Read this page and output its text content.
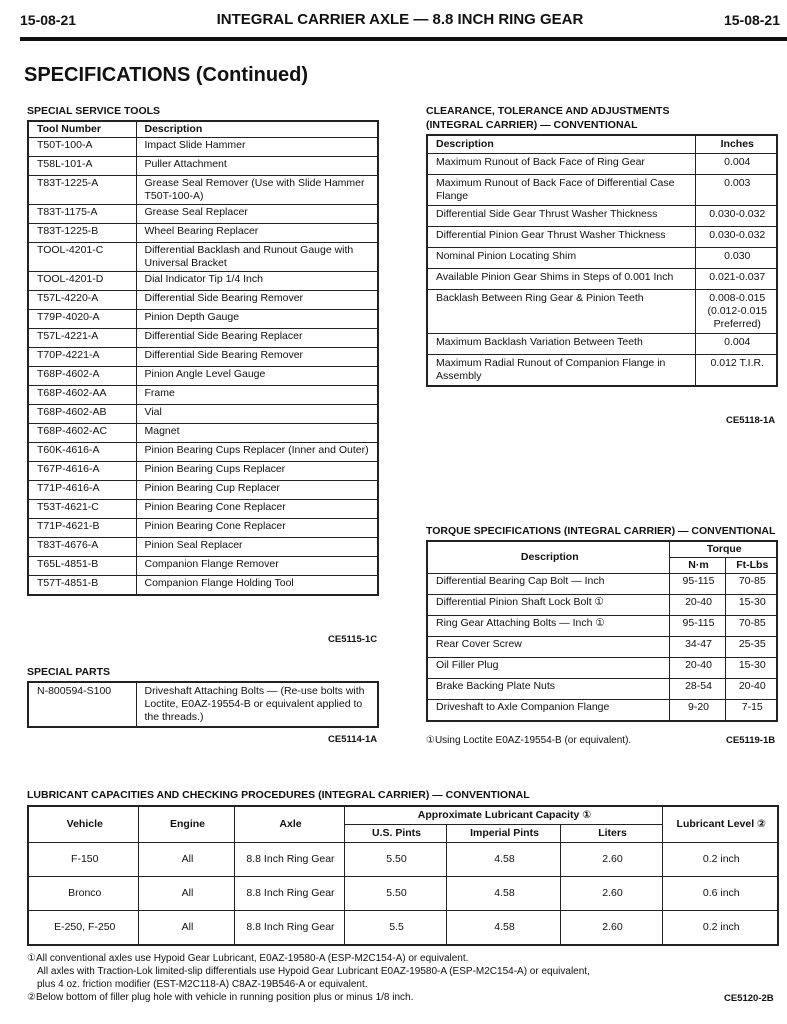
15-08-21	INTEGRAL CARRIER AXLE — 8.8 INCH RING GEAR	15-08-21
SPECIFICATIONS (Continued)
SPECIAL SERVICE TOOLS
Tool Number	Description
T50T-100-A	Impact Slide Hammer
T58L-101-A	Puller Attachment
T83T-1225-A	Grease Seal Remover (Use with Slide Hammer T50T-100-A)
T83T-1175-A	Grease Seal Replacer
T83T-1225-B	Wheel Bearing Replacer
TOOL-4201-C	Differential Backlash and Runout Gauge with Universal Bracket
TOOL-4201-D	Dial Indicator Tip 1/4 Inch
T57L-4220-A	Differential Side Bearing Remover
T79P-4020-A	Pinion Depth Gauge
T57L-4221-A	Differential Side Bearing Replacer
T70P-4221-A	Differential Side Bearing Remover
T68P-4602-A	Pinion Angle Level Gauge
T68P-4602-AA	Frame
T68P-4602-AB	Vial
T68P-4602-AC	Magnet
T60K-4616-A	Pinion Bearing Cups Replacer (Inner and Outer)
T67P-4616-A	Pinion Bearing Cups Replacer
T71P-4616-A	Pinion Bearing Cup Replacer
T53T-4621-C	Pinion Bearing Cone Replacer
T71P-4621-B	Pinion Bearing Cone Replacer
T83T-4676-A	Pinion Seal Replacer
T65L-4851-B	Companion Flange Remover
T57T-4851-B	Companion Flange Holding Tool
CE5115-1C
SPECIAL PARTS
N-800594-S100	Driveshaft Attaching Bolts — (Re-use bolts with Loctite, E0AZ-19554-B or equivalent applied to the threads.)
CE5114-1A
CLEARANCE, TOLERANCE AND ADJUSTMENTS
(INTEGRAL CARRIER) — CONVENTIONAL
Description	Inches
Maximum Runout of Back Face of Ring Gear	0.004
Maximum Runout of Back Face of Differential Case Flange	0.003
Differential Side Gear Thrust Washer Thickness	0.030-0.032
Differential Pinion Gear Thrust Washer Thickness	0.030-0.032
Nominal Pinion Locating Shim	0.030
Available Pinion Gear Shims in Steps of 0.001 Inch	0.021-0.037
Backlash Between Ring Gear & Pinion Teeth	0.008-0.015 (0.012-0.015 Preferred)
Maximum Backlash Variation Between Teeth	0.004
Maximum Radial Runout of Companion Flange in Assembly	0.012 T.I.R.
CE5118-1A
TORQUE SPECIFICATIONS (INTEGRAL CARRIER) — CONVENTIONAL
Description	Torque	
	N·m	Ft-Lbs
Differential Bearing Cap Bolt — Inch	95-115	70-85
Differential Pinion Shaft Lock Bolt ①	20-40	15-30
Ring Gear Attaching Bolts — Inch ①	95-115	70-85
Rear Cover Screw	34-47	25-35
Oil Filler Plug	20-40	15-30
Brake Backing Plate Nuts	28-54	20-40
Driveshaft to Axle Companion Flange	9-20	7-15
①Using Loctite E0AZ-19554-B (or equivalent).	CE5119-1B
LUBRICANT CAPACITIES AND CHECKING PROCEDURES (INTEGRAL CARRIER) — CONVENTIONAL
Vehicle	Engine	Axle	Approximate Lubricant Capacity ①			Lubricant Level ②
			U.S. Pints	Imperial Pints	Liters	
F-150	All	8.8 Inch Ring Gear	5.50	4.58	2.60	0.2 inch
Bronco	All	8.8 Inch Ring Gear	5.50	4.58	2.60	0.6 inch
E-250, F-250	All	8.8 Inch Ring Gear	5.5	4.58	2.60	0.2 inch
①All conventional axles use Hypoid Gear Lubricant, E0AZ-19580-A (ESP-M2C154-A) or equivalent.
All axles with Traction-Lok limited-slip differentials use Hypoid Gear Lubricant E0AZ-19580-A (ESP-M2C154-A) or equivalent,
plus 4 oz. friction modifier (EST-M2C118-A) C8AZ-19B546-A or equivalent.
②Below bottom of filler plug hole with vehicle in running position plus or minus 1/8 inch.	CE5120-2B
